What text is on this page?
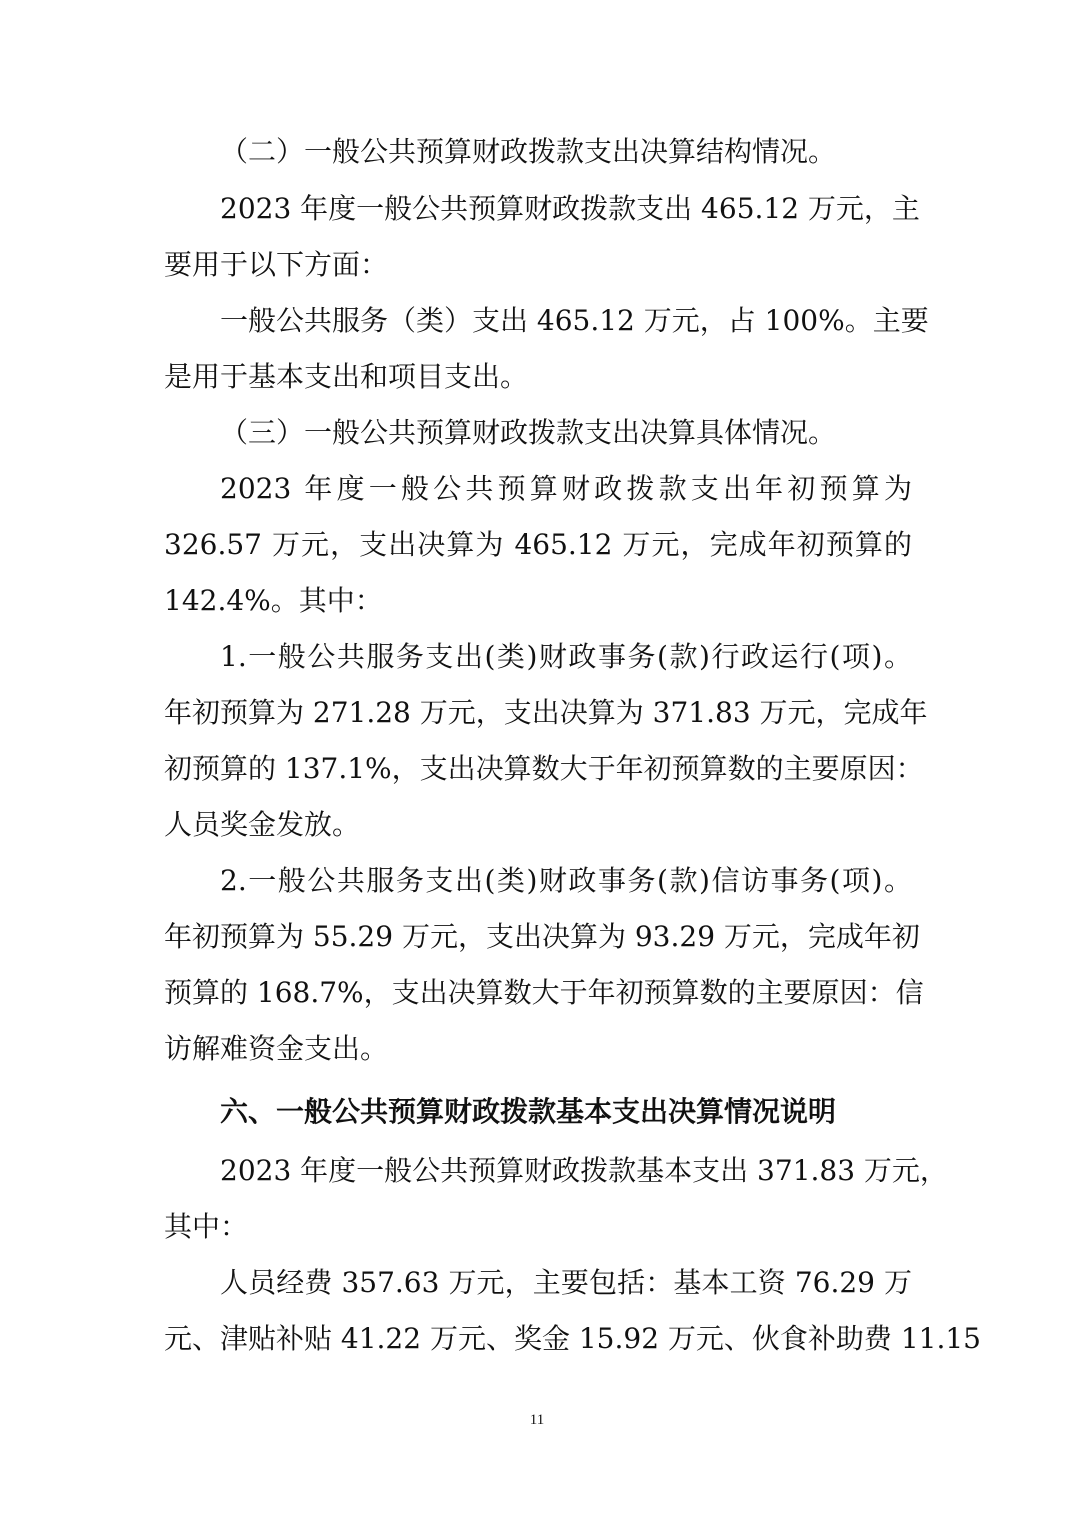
（二）一般公共预算财政拨款支出决算结构情况。
2023 年度一般公共预算财政拨款支出 465.12 万元，主
要用于以下方面：
一般公共服务（类）支出 465.12 万元，占 100%。主要
是用于基本支出和项目支出。
（三）一般公共预算财政拨款支出决算具体情况。
2023 年度一般公共预算财政拨款支出年初预算为
326.57 万元，支出决算为 465.12 万元，完成年初预算的
142.4%。其中：
1.一般公共服务支出(类)财政事务(款)行政运行(项)。
年初预算为 271.28 万元，支出决算为 371.83 万元，完成年
初预算的 137.1%，支出决算数大于年初预算数的主要原因：
人员奖金发放。
2.一般公共服务支出(类)财政事务(款)信访事务(项)。
年初预算为 55.29 万元，支出决算为 93.29 万元，完成年初
预算的 168.7%，支出决算数大于年初预算数的主要原因：信
访解难资金支出。
六、一般公共预算财政拨款基本支出决算情况说明
2023 年度一般公共预算财政拨款基本支出 371.83 万元，
其中：
人员经费 357.63 万元，主要包括：基本工资 76.29 万
元、津贴补贴 41.22 万元、奖金 15.92 万元、伙食补助费 11.15
11
